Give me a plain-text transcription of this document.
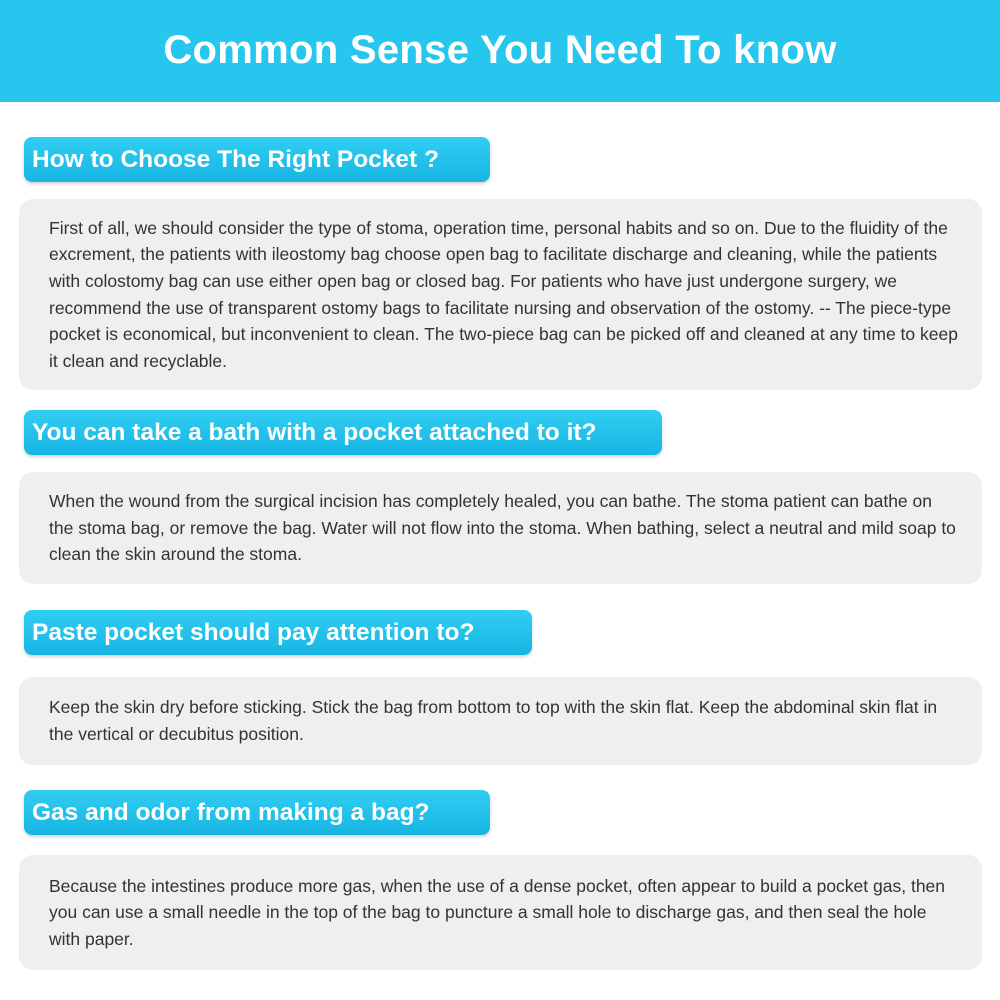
Common Sense You Need To know
How to Choose The Right Pocket ?

First of all, we should consider the type of stoma, operation time, personal habits and so on. Due to the fluidity of the excrement, the patients with ileostomy bag choose open bag to facilitate discharge and cleaning, while the patients with colostomy bag can use either open bag or closed bag. For patients who have just undergone surgery, we recommend the use of transparent ostomy bags to facilitate nursing and observation of the ostomy. -- The piece-type pocket is economical, but inconvenient to clean. The two-piece bag can be picked off and cleaned at any time to keep it clean and recyclable.

You can take a bath with a pocket attached to it?

When the wound from the surgical incision has completely healed, you can bathe. The stoma patient can bathe on the stoma bag, or remove the bag. Water will not flow into the stoma. When bathing, select a neutral and mild soap to clean the skin around the stoma.

Paste pocket should pay attention to?

Keep the skin dry before sticking. Stick the bag from bottom to top with the skin flat. Keep the abdominal skin flat in the vertical or decubitus position.

Gas and odor from making a bag?

Because the intestines produce more gas, when the use of a dense pocket, often appear to build a pocket gas, then you can use a small needle in the top of the bag to puncture a small hole to discharge gas, and then seal the hole with paper.
